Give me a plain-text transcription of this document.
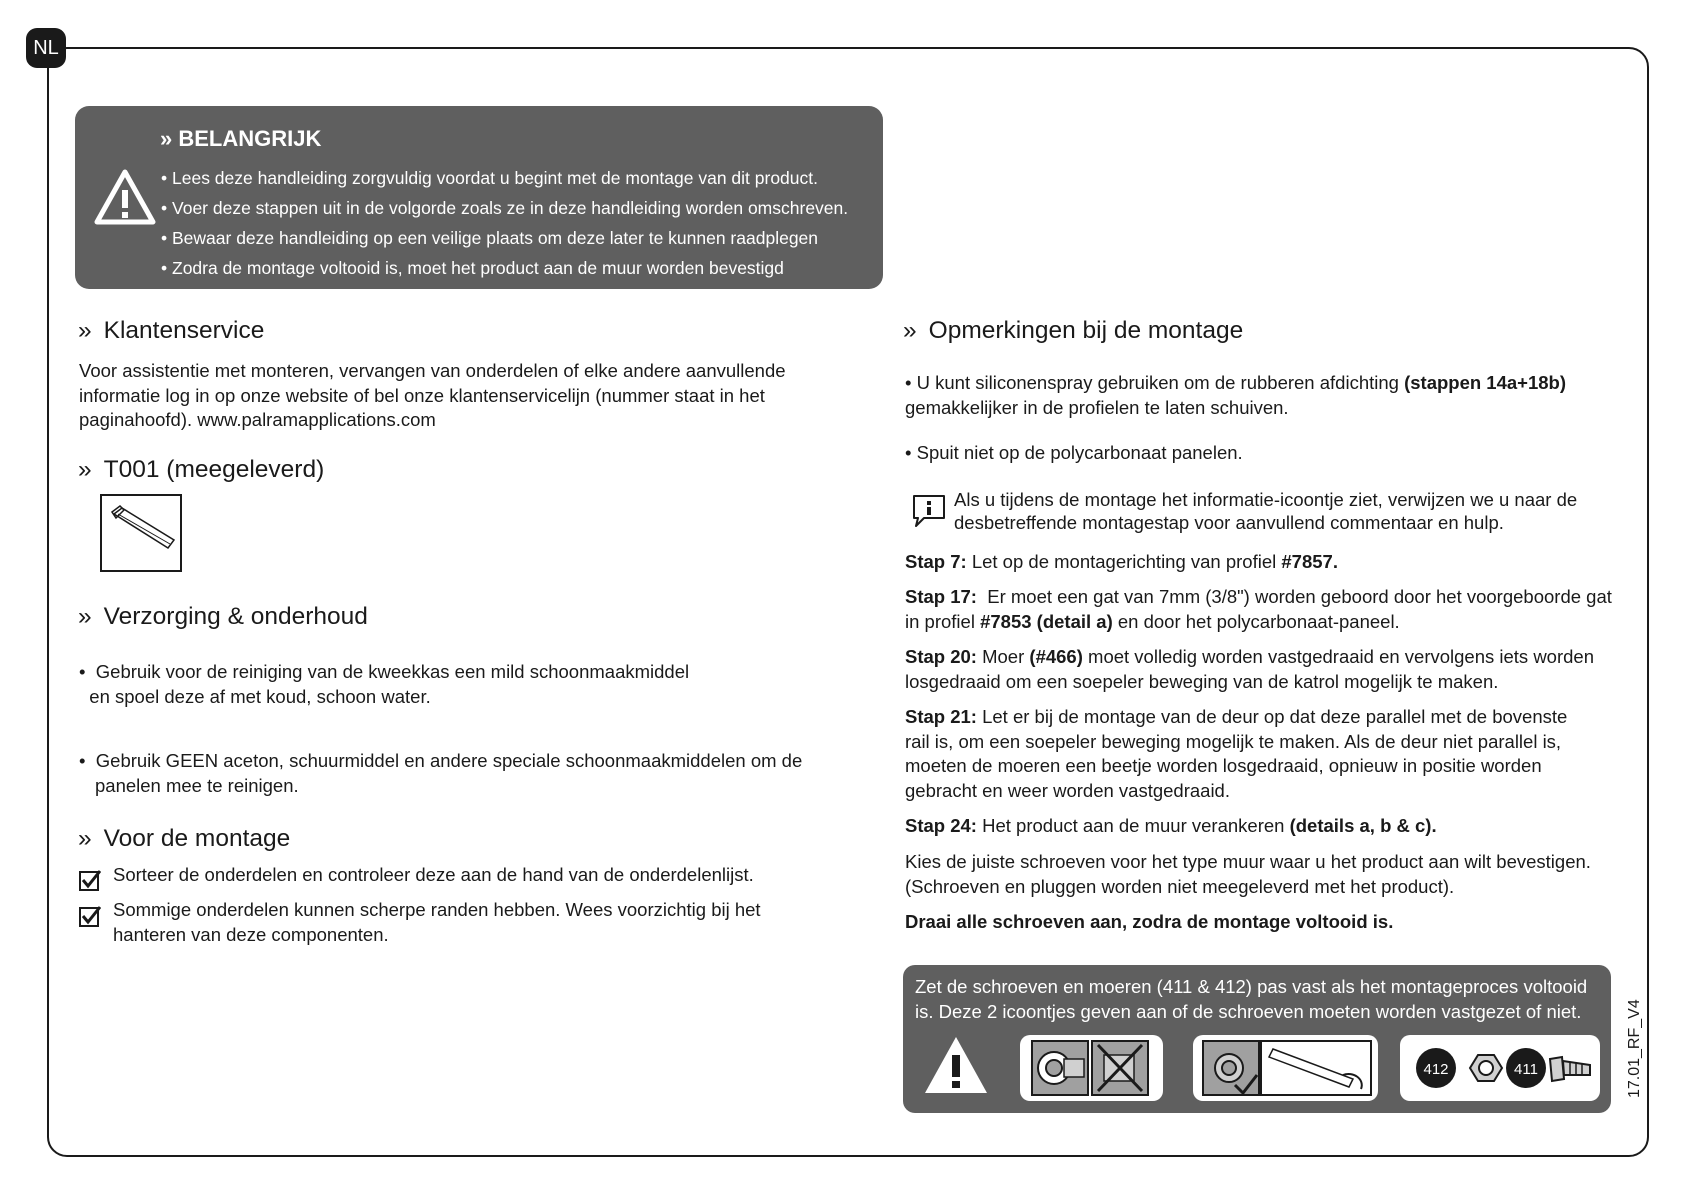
NL
» BELANGRIJK
• Lees deze handleiding zorgvuldig voordat u begint met de montage van dit product.
• Voer deze stappen uit in de volgorde zoals ze in deze handleiding worden omschreven.
• Bewaar deze handleiding op een veilige plaats om deze later te kunnen raadplegen
• Zodra de montage voltooid is, moet het product aan de muur worden bevestigd
» Klantenservice

Voor assistentie met monteren, vervangen van onderdelen of elke andere aanvullende informatie log in op onze website of bel onze klantenservicelijn (nummer staat in het paginahoofd). www.palramapplications.com

» T001 (meegeleverd)
» Verzorging & onderhoud

•  Gebruik voor de reiniging van de kweekkas een mild schoonmaakmiddel
en spoel deze af met koud, schoon water.

•  Gebruik GEEN aceton, schuurmiddel en andere speciale schoonmaakmiddelen om de panelen mee te reinigen.

» Voor de montage

Sorteer de onderdelen en controleer deze aan de hand van de onderdelenlijst.

Sommige onderdelen kunnen scherpe randen hebben. Wees voorzichtig bij het hanteren van deze componenten.

» Opmerkingen bij de montage

• U kunt siliconenspray gebruiken om de rubberen afdichting (stappen 14a+18b)
gemakkelijker in de profielen te laten schuiven.

• Spuit niet op de polycarbonaat panelen.

Als u tijdens de montage het informatie-icoontje ziet, verwijzen we u naar de desbetreffende montagestap voor aanvullend commentaar en hulp.

Stap 7: Let op de montagerichting van profiel #7857.

Stap 17: Er moet een gat van 7mm (3/8") worden geboord door het voorgeboorde gat in profiel #7853 (detail a) en door het polycarbonaat-paneel.

Stap 20: Moer (#466) moet volledig worden vastgedraaid en vervolgens iets worden losgedraaid om een soepeler beweging van de katrol mogelijk te maken.

Stap 21: Let er bij de montage van de deur op dat deze parallel met de bovenste rail is, om een soepeler beweging mogelijk te maken. Als de deur niet parallel is, moeten de moeren een beetje worden losgedraaid, opnieuw in positie worden gebracht en weer worden vastgedraaid.

Stap 24: Het product aan de muur verankeren (details a, b & c).

Kies de juiste schroeven voor het type muur waar u het product aan wilt bevestigen. (Schroeven en pluggen worden niet meegeleverd met het product).

Draai alle schroeven aan, zodra de montage voltooid is.

Zet de schroeven en moeren (411 & 412) pas vast als het montageproces voltooid is. Deze 2 icoontjes geven aan of de schroeven moeten worden vastgezet of niet.
412	411	17.01_RF_V4
